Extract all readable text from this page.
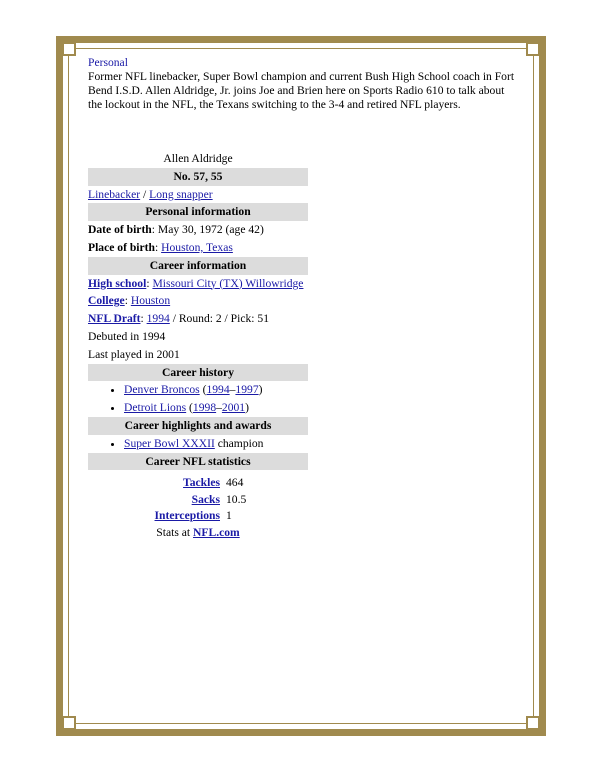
Personal

Former NFL linebacker, Super Bowl champion and current Bush High School coach in Fort Bend I.S.D. Allen Aldridge, Jr. joins Joe and Brien here on Sports Radio 610 to talk about the lockout in the NFL, the Texans switching to the 3-4 and retired NFL players.

Allen Aldridge
No. 57, 55
Linebacker / Long snapper
Personal information
Date of birth: May 30, 1972 (age 42)
Place of birth: Houston, Texas
Career information
High school: Missouri City (TX) Willowridge
College: Houston
NFL Draft: 1994 / Round: 2 / Pick: 51
Debuted in 1994
Last played in 2001
Career history
• Denver Broncos (1994–1997)
• Detroit Lions (1998–2001)
Career highlights and awards
• Super Bowl XXXII champion
Career NFL statistics
Tackles	464
Sacks	10.5
Interceptions	1
Stats at NFL.com
